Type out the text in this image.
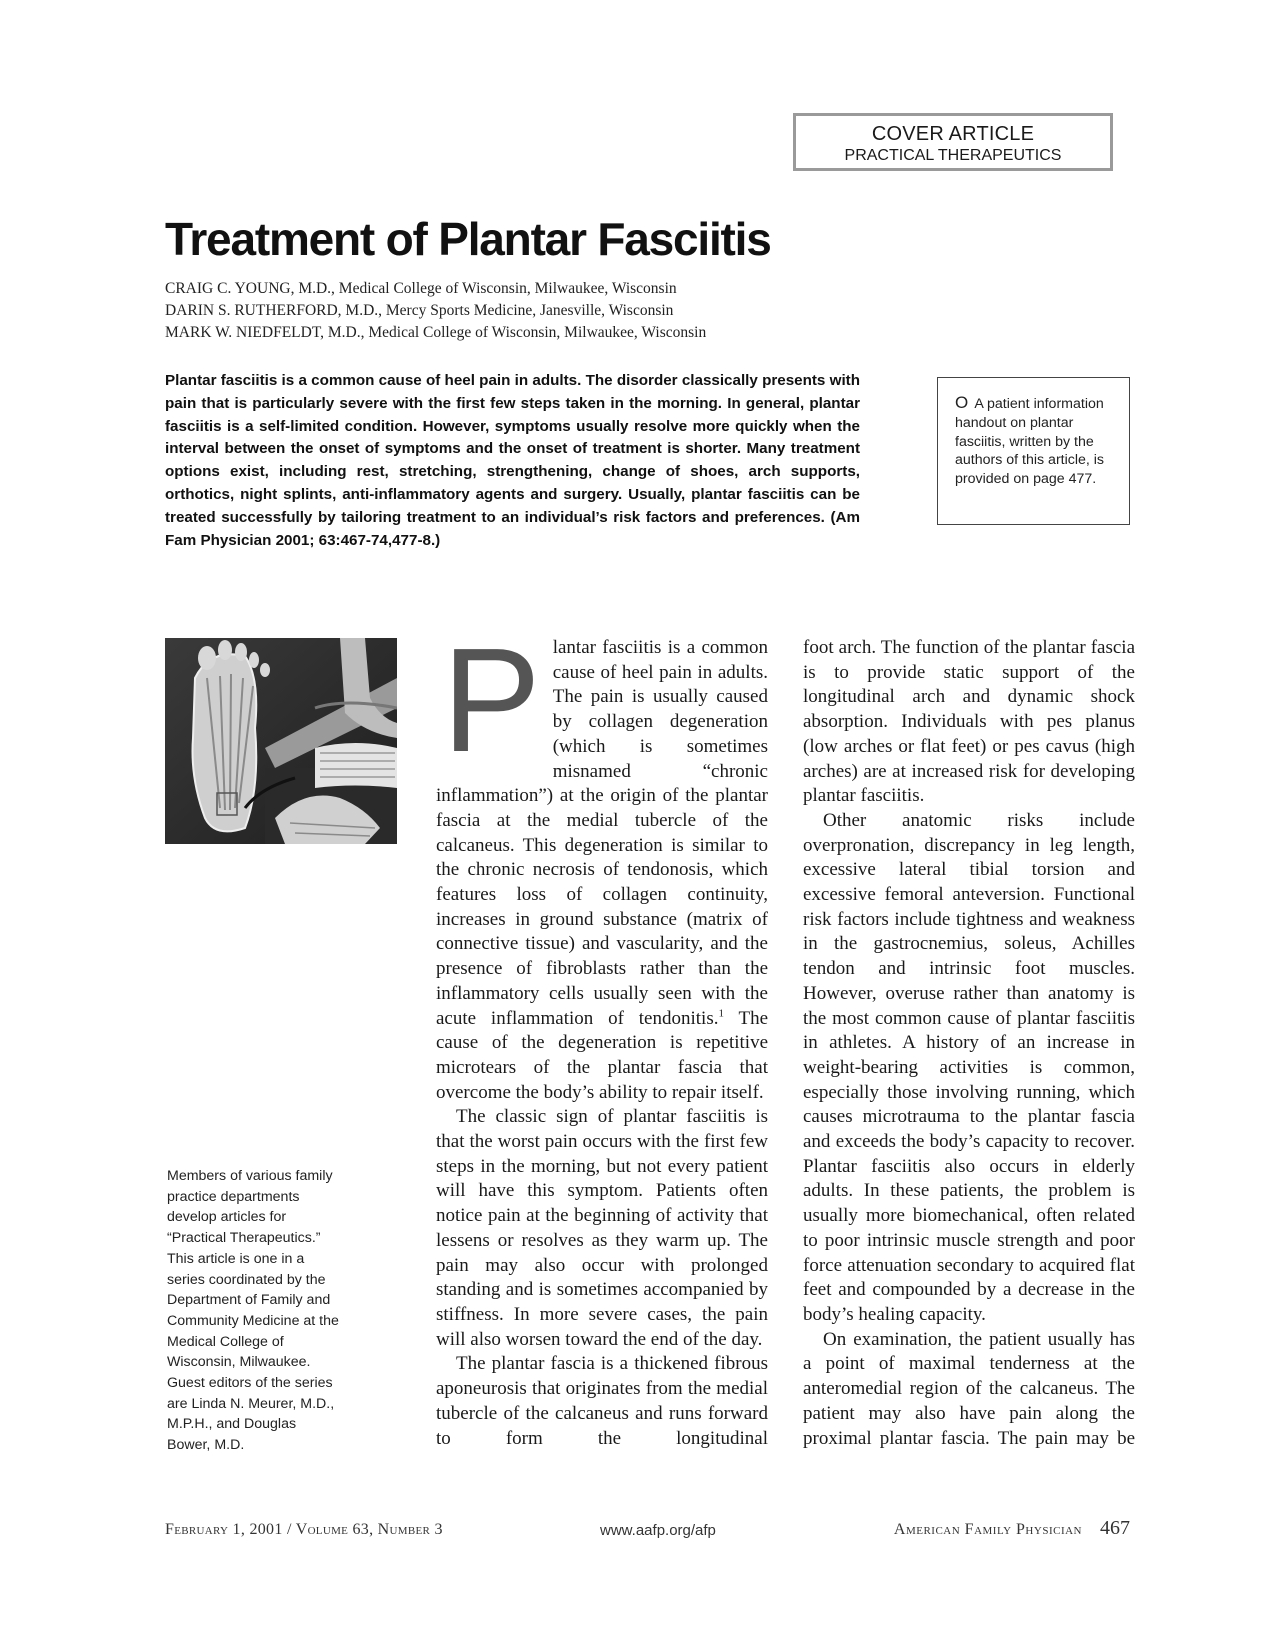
COVER ARTICLE
PRACTICAL THERAPEUTICS
Treatment of Plantar Fasciitis
CRAIG C. YOUNG, M.D., Medical College of Wisconsin, Milwaukee, Wisconsin
DARIN S. RUTHERFORD, M.D., Mercy Sports Medicine, Janesville, Wisconsin
MARK W. NIEDFELDT, M.D., Medical College of Wisconsin, Milwaukee, Wisconsin

Plantar fasciitis is a common cause of heel pain in adults. The disorder classically presents with pain that is particularly severe with the first few steps taken in the morning. In general, plantar fasciitis is a self-limited condition. However, symptoms usually resolve more quickly when the interval between the onset of symptoms and the onset of treatment is shorter. Many treatment options exist, including rest, stretching, strengthening, change of shoes, arch supports, orthotics, night splints, anti-inflammatory agents and surgery. Usually, plantar fasciitis can be treated successfully by tailoring treatment to an individual’s risk factors and preferences. (Am Fam Physician 2001; 63:467-74,477-8.)

O A patient information handout on plantar fasciitis, written by the authors of this article, is provided on page 477.

Members of various family practice departments develop articles for “Practical Therapeutics.” This article is one in a series coordinated by the Department of Family and Community Medicine at the Medical College of Wisconsin, Milwaukee. Guest editors of the series are Linda N. Meurer, M.D., M.P.H., and Douglas Bower, M.D.

Plantar fasciitis is a common cause of heel pain in adults. The pain is usually caused by collagen degeneration (which is sometimes misnamed “chronic inflammation”) at the origin of the plantar fascia at the medial tubercle of the calcaneus. This degeneration is similar to the chronic necrosis of tendonosis, which features loss of collagen continuity, increases in ground substance (matrix of connective tissue) and vascularity, and the presence of fibroblasts rather than the inflammatory cells usually seen with the acute inflammation of tendonitis.$^1$ The cause of the degeneration is repetitive microtears of the plantar fascia that overcome the body’s ability to repair itself.

The classic sign of plantar fasciitis is that the worst pain occurs with the first few steps in the morning, but not every patient will have this symptom. Patients often notice pain at the beginning of activity that lessens or resolves as they warm up. The pain may also occur with prolonged standing and is sometimes accompanied by stiffness. In more severe cases, the pain will also worsen toward the end of the day.

The plantar fascia is a thickened fibrous aponeurosis that originates from the medial tubercle of the calcaneus and runs forward to form the longitudinal

foot arch. The function of the plantar fascia is to provide static support of the longitudinal arch and dynamic shock absorption. Individuals with pes planus (low arches or flat feet) or pes cavus (high arches) are at increased risk for developing plantar fasciitis.

Other anatomic risks include overpronation, discrepancy in leg length, excessive lateral tibial torsion and excessive femoral anteversion. Functional risk factors include tightness and weakness in the gastrocnemius, soleus, Achilles tendon and intrinsic foot muscles. However, overuse rather than anatomy is the most common cause of plantar fasciitis in athletes. A history of an increase in weight-bearing activities is common, especially those involving running, which causes microtrauma to the plantar fascia and exceeds the body’s capacity to recover. Plantar fasciitis also occurs in elderly adults. In these patients, the problem is usually more biomechanical, often related to poor intrinsic muscle strength and poor force attenuation secondary to acquired flat feet and compounded by a decrease in the body’s healing capacity.

On examination, the patient usually has a point of maximal tenderness at the anteromedial region of the calcaneus. The patient may also have pain along the proximal plantar fascia. The pain may be

February 1, 2001 / Volume 63, Number 3	www.aafp.org/afp	American Family Physician 467
